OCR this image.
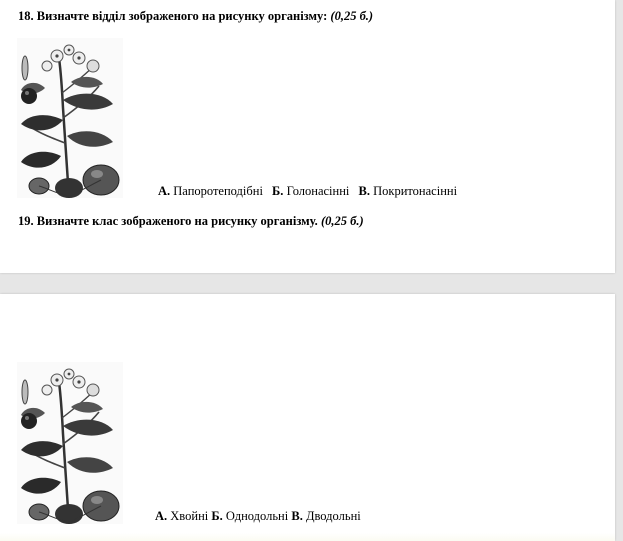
18. Визначте відділ зображеного на рисунку організму: (0,25 б.)
А. Папоротеподібні Б. Голонасінні В. Покритонасінні
19. Визначте клас зображеного на рисунку організму. (0,25 б.)
А. Хвойні Б. Однодольні В. Дводольні
